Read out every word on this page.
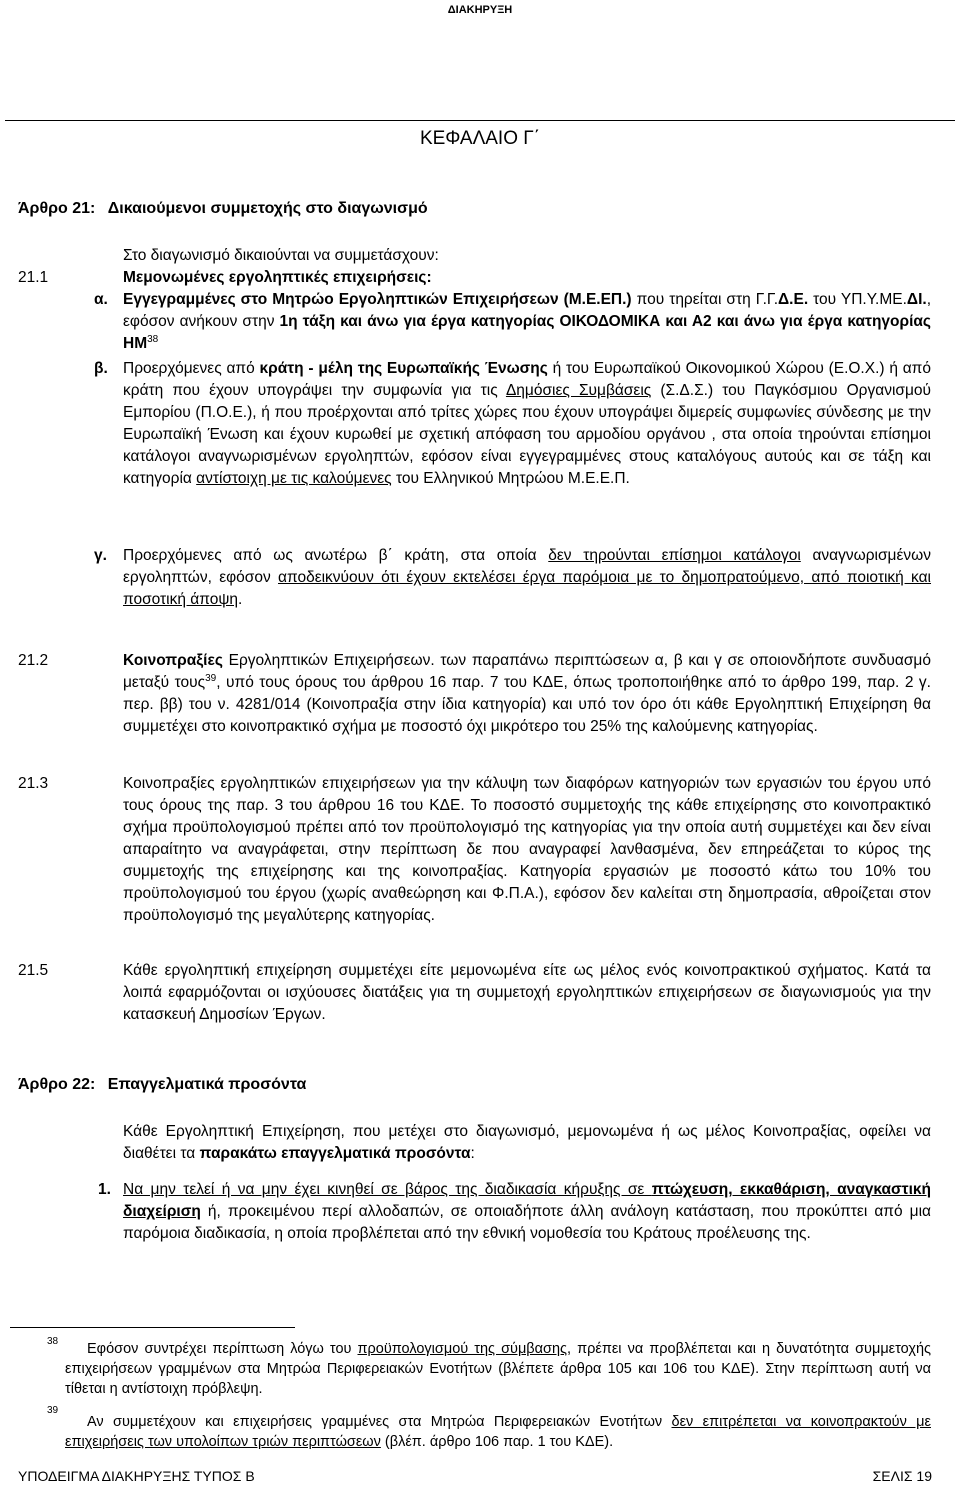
ΔΙΑΚΗΡΥΞΗ
ΚΕΦΑΛΑΙΟ Γ΄
Άρθρο 21: Δικαιούμενοι συμμετοχής στο διαγωνισμό
Στο διαγωνισμό δικαιούνται να συμμετάσχουν:
21.1	Μεμονωμένες εργοληπτικές επιχειρήσεις:
α. Εγγεγραμμένες στο Μητρώο Εργοληπτικών Επιχειρήσεων (Μ.Ε.ΕΠ.) που τηρείται στη Γ.Γ.Δ.Ε. του ΥΠ.Υ.ΜΕ.ΔΙ., εφόσον ανήκουν στην 1η τάξη και άνω για έργα κατηγορίας ΟΙΚΟΔΟΜΙΚΑ και Α2 και άνω για έργα κατηγορίας ΗΜ$^{38}$
β. Προερχόμενες από κράτη - μέλη της Ευρωπαϊκής Ένωσης ή του Ευρωπαϊκού Οικονομικού Χώρου (Ε.Ο.Χ.) ή από κράτη που έχουν υπογράψει την συμφωνία για τις Δημόσιες Συμβάσεις (Σ.Δ.Σ.) του Παγκόσμιου Οργανισμού Εμπορίου (Π.Ο.Ε.), ή που προέρχονται από τρίτες χώρες που έχουν υπογράψει διμερείς συμφωνίες σύνδεσης με την Ευρωπαϊκή Ένωση και έχουν κυρωθεί με σχετική απόφαση του αρμοδίου οργάνου , στα οποία τηρούνται επίσημοι κατάλογοι αναγνωρισμένων εργοληπτών, εφόσον είναι εγγεγραμμένες στους καταλόγους αυτούς και σε τάξη και κατηγορία αντίστοιχη με τις καλούμενες του Ελληνικού Μητρώου Μ.Ε.Ε.Π.
γ. Προερχόμενες από ως ανωτέρω β΄ κράτη, στα οποία δεν τηρούνται επίσημοι κατάλογοι αναγνωρισμένων εργοληπτών, εφόσον αποδεικνύουν ότι έχουν εκτελέσει έργα παρόμοια με το δημοπρατούμενο, από ποιοτική και ποσοτική άποψη.
21.2	Κοινοπραξίες Εργοληπτικών Επιχειρήσεων. των παραπάνω περιπτώσεων α, β και γ σε οποιονδήποτε συνδυασμό μεταξύ τους$^{39}$, υπό τους όρους του άρθρου 16 παρ. 7 του ΚΔΕ, όπως τροποποιήθηκε από το άρθρο 199, παρ. 2 γ. περ. ββ) του ν. 4281/014 (Κοινοπραξία στην ίδια κατηγορία) και υπό τον όρο ότι κάθε Εργοληπτική Επιχείρηση θα συμμετέχει στο κοινοπρακτικό σχήμα με ποσοστό όχι μικρότερο του 25% της καλούμενης κατηγορίας.
21.3	Κοινοπραξίες εργοληπτικών επιχειρήσεων για την κάλυψη των διαφόρων κατηγοριών των εργασιών του έργου υπό τους όρους της παρ. 3 του άρθρου 16 του ΚΔΕ. Το ποσοστό συμμετοχής της κάθε επιχείρησης στο κοινοπρακτικό σχήμα προϋπολογισμού πρέπει από τον προϋπολογισμό της κατηγορίας για την οποία αυτή συμμετέχει και δεν είναι απαραίτητο να αναγράφεται, στην περίπτωση δε που αναγραφεί λανθασμένα, δεν επηρεάζεται το κύρος της συμμετοχής της επιχείρησης και της κοινοπραξίας. Κατηγορία εργασιών με ποσοστό κάτω του 10% του προϋπολογισμού του έργου (χωρίς αναθεώρηση και Φ.Π.Α.), εφόσον δεν καλείται στη δημοπρασία, αθροίζεται στον προϋπολογισμό της μεγαλύτερης κατηγορίας.
21.5	Κάθε εργοληπτική επιχείρηση συμμετέχει είτε μεμονωμένα είτε ως μέλος ενός κοινοπρακτικού σχήματος. Κατά τα λοιπά εφαρμόζονται οι ισχύουσες διατάξεις για τη συμμετοχή εργοληπτικών επιχειρήσεων σε διαγωνισμούς για την κατασκευή Δημοσίων Έργων.
Άρθρο 22: Επαγγελματικά προσόντα
Κάθε Εργοληπτική Επιχείρηση, που μετέχει στο διαγωνισμό, μεμονωμένα ή ως μέλος Κοινοπραξίας, οφείλει να διαθέτει τα παρακάτω επαγγελματικά προσόντα:
1. Να μην τελεί ή να μην έχει κινηθεί σε βάρος της διαδικασία κήρυξης σε πτώχευση, εκκαθάριση, αναγκαστική διαχείριση ή, προκειμένου περί αλλοδαπών, σε οποιαδήποτε άλλη ανάλογη κατάσταση, που προκύπτει από μια παρόμοια διαδικασία, η οποία προβλέπεται από την εθνική νομοθεσία του Κράτους προέλευσης της.
38	Εφόσον συντρέχει περίπτωση λόγω του προϋπολογισμού της σύμβασης, πρέπει να προβλέπεται και η δυνατότητα συμμετοχής επιχειρήσεων γραμμένων στα Μητρώα Περιφερειακών Ενοτήτων (βλέπετε άρθρα 105 και 106 του ΚΔΕ). Στην περίπτωση αυτή να τίθεται η αντίστοιχη πρόβλεψη.
39
Αν συμμετέχουν και επιχειρήσεις γραμμένες στα Μητρώα Περιφερειακών Ενοτήτων δεν επιτρέπεται να κοινοπρακτούν με επιχειρήσεις των υπολοίπων τριών περιπτώσεων (βλέπ. άρθρο 106 παρ. 1 του ΚΔΕ).
ΥΠΟΔΕΙΓΜΑ ΔΙΑΚΗΡΥΞΗΣ ΤΥΠΟΣ Β	ΣΕΛΙΣ 19
